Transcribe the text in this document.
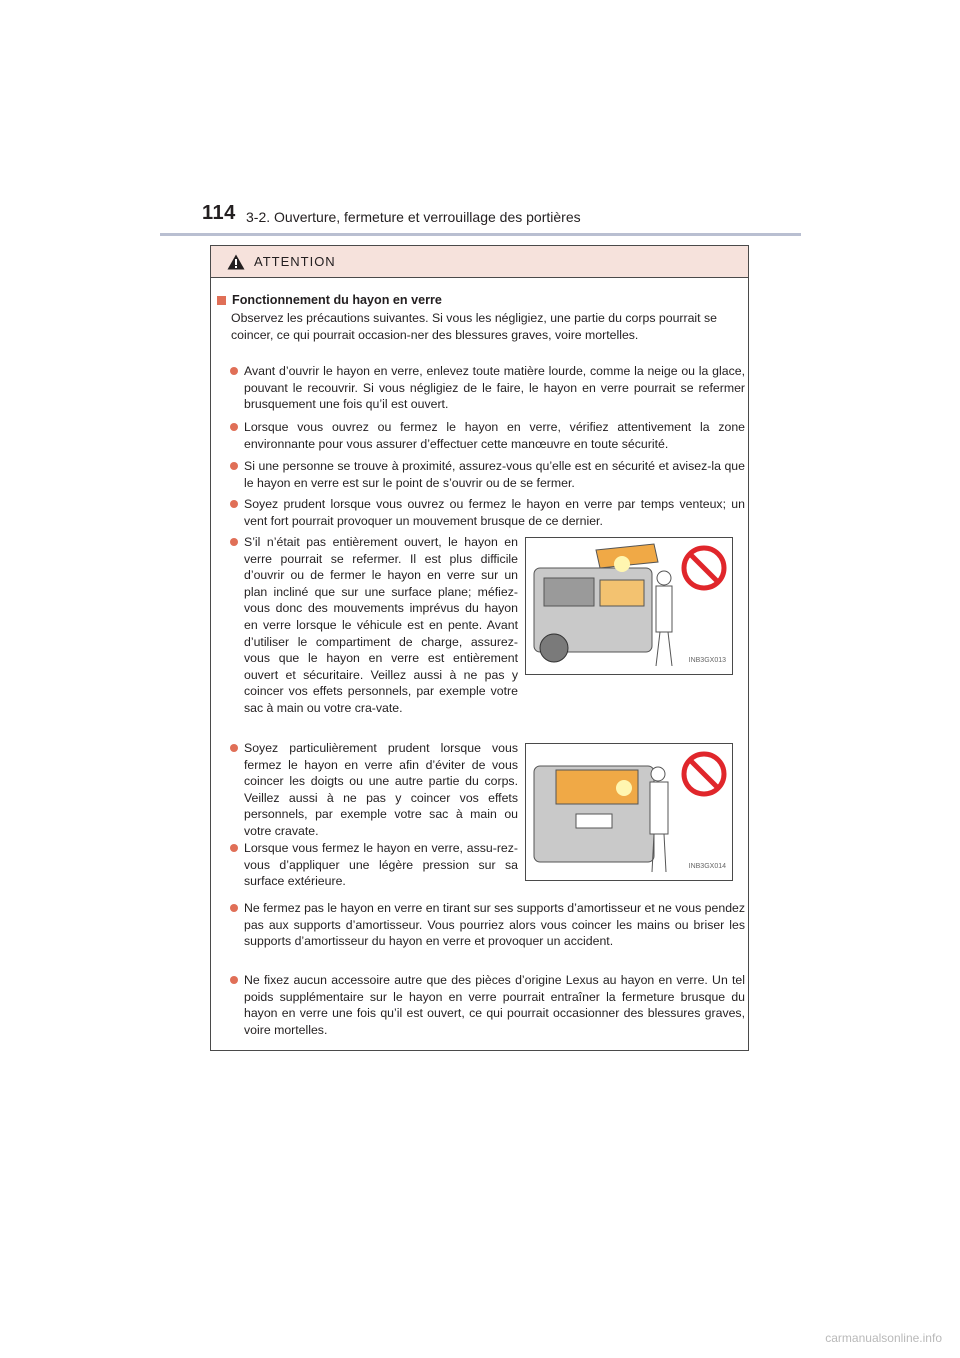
114 3-2. Ouverture, fermeture et verrouillage des portières
ATTENTION
Fonctionnement du hayon en verre
Observez les précautions suivantes. Si vous les négligiez, une partie du corps pourrait se coincer, ce qui pourrait occasion-ner des blessures graves, voire mortelles.
Avant d’ouvrir le hayon en verre, enlevez toute matière lourde, comme la neige ou la glace, pouvant le recouvrir. Si vous négligiez de le faire, le hayon en verre pourrait se refermer brusquement une fois qu’il est ouvert.
Lorsque vous ouvrez ou fermez le hayon en verre, vérifiez attentivement la zone environnante pour vous assurer d’effectuer cette manœuvre en toute sécurité.
Si une personne se trouve à proximité, assurez-vous qu’elle est en sécurité et avisez-la que le hayon en verre est sur le point de s’ouvrir ou de se fermer.
Soyez prudent lorsque vous ouvrez ou fermez le hayon en verre par temps venteux; un vent fort pourrait provoquer un mouvement brusque de ce dernier.
S’il n’était pas entièrement ouvert, le hayon en verre pourrait se refermer. Il est plus difficile d’ouvrir ou de fermer le hayon en verre sur un plan incliné que sur une surface plane; méfiez-vous donc des mouvements imprévus du hayon en verre lorsque le véhicule est en pente. Avant d’utiliser le compartiment de charge, assurez-vous que le hayon en verre est entièrement ouvert et sécuritaire. Veillez aussi à ne pas y coincer vos effets personnels, par exemple votre sac à main ou votre cra-vate.
INB3GX013
Soyez particulièrement prudent lorsque vous fermez le hayon en verre afin d’éviter de vous coincer les doigts ou une autre partie du corps. Veillez aussi à ne pas y coincer vos effets personnels, par exemple votre sac à main ou votre cravate.
INB3GX014
Lorsque vous fermez le hayon en verre, assu-rez-vous d’appliquer une légère pression sur sa surface extérieure.
Ne fermez pas le hayon en verre en tirant sur ses supports d’amortisseur et ne vous pendez pas aux supports d’amortisseur. Vous pourriez alors vous coincer les mains ou briser les supports d’amortisseur du hayon en verre et provoquer un accident.
Ne fixez aucun accessoire autre que des pièces d’origine Lexus au hayon en verre. Un tel poids supplémentaire sur le hayon en verre pourrait entraîner la fermeture brusque du hayon en verre une fois qu’il est ouvert, ce qui pourrait occasionner des blessures graves, voire mortelles.
carmanualsonline.info
